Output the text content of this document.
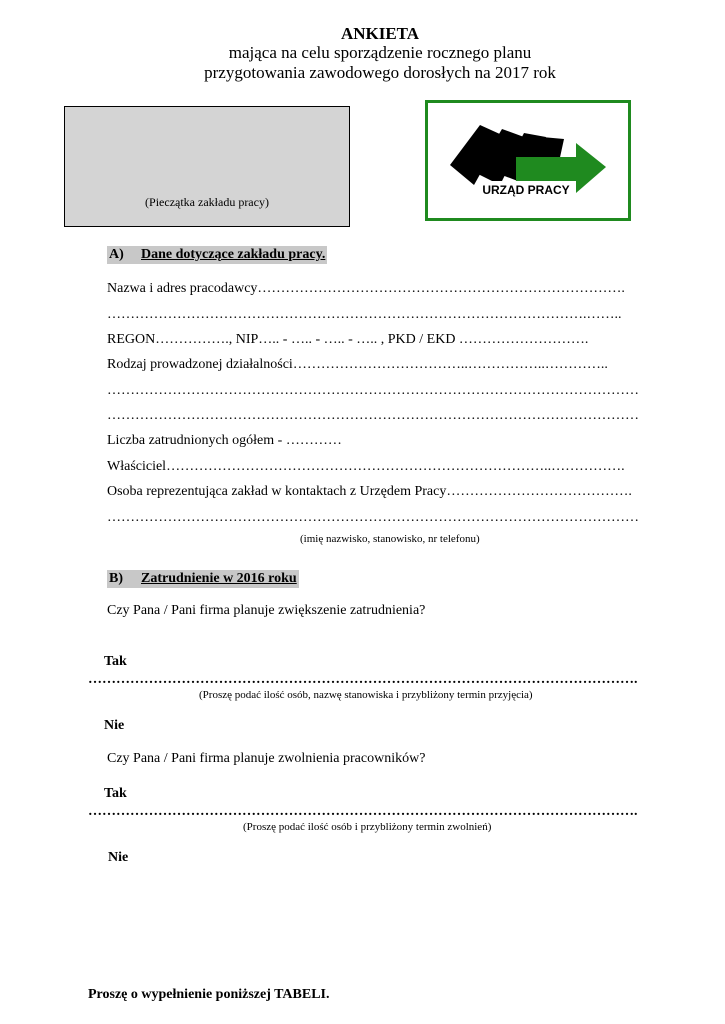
ANKIETA
mająca na celu sporządzenie rocznego planu
przygotowania zawodowego dorosłych na 2017 rok
(Pieczątka zakładu pracy)
URZĄD PRACY
A) Dane dotyczące zakładu pracy.
Nazwa i adres pracodawcy…………………………………………………………………….
………………………………………………………………………………………….……..
REGON……………., NIP….. - ….. - ….. - ….. , PKD / EKD ……………………….
Rodzaj prowadzonej działalności………………………………..……………..…………..
……………………………………………………………………………………………………
……………………………………………………………………………………………………
Liczba zatrudnionych ogółem - …………
Właściciel………………………………………………………………………..…………….
Osoba reprezentująca zakład w kontaktach z Urzędem Pracy………………………………….
……………………………………………………………………………………………………
(imię nazwisko, stanowisko, nr telefonu)
B) Zatrudnienie w 2016 roku
Czy Pana / Pani firma planuje zwiększenie zatrudnienia?
Tak
……………………………………………………………………………………………………….
(Proszę podać ilość osób, nazwę stanowiska i przybliżony termin przyjęcia)
Nie
Czy Pana / Pani firma planuje zwolnienia pracowników?
Tak
……………………………………………………………………………………………………….
(Proszę podać ilość osób i przybliżony termin zwolnień)
Nie
Proszę o wypełnienie poniższej TABELI.
